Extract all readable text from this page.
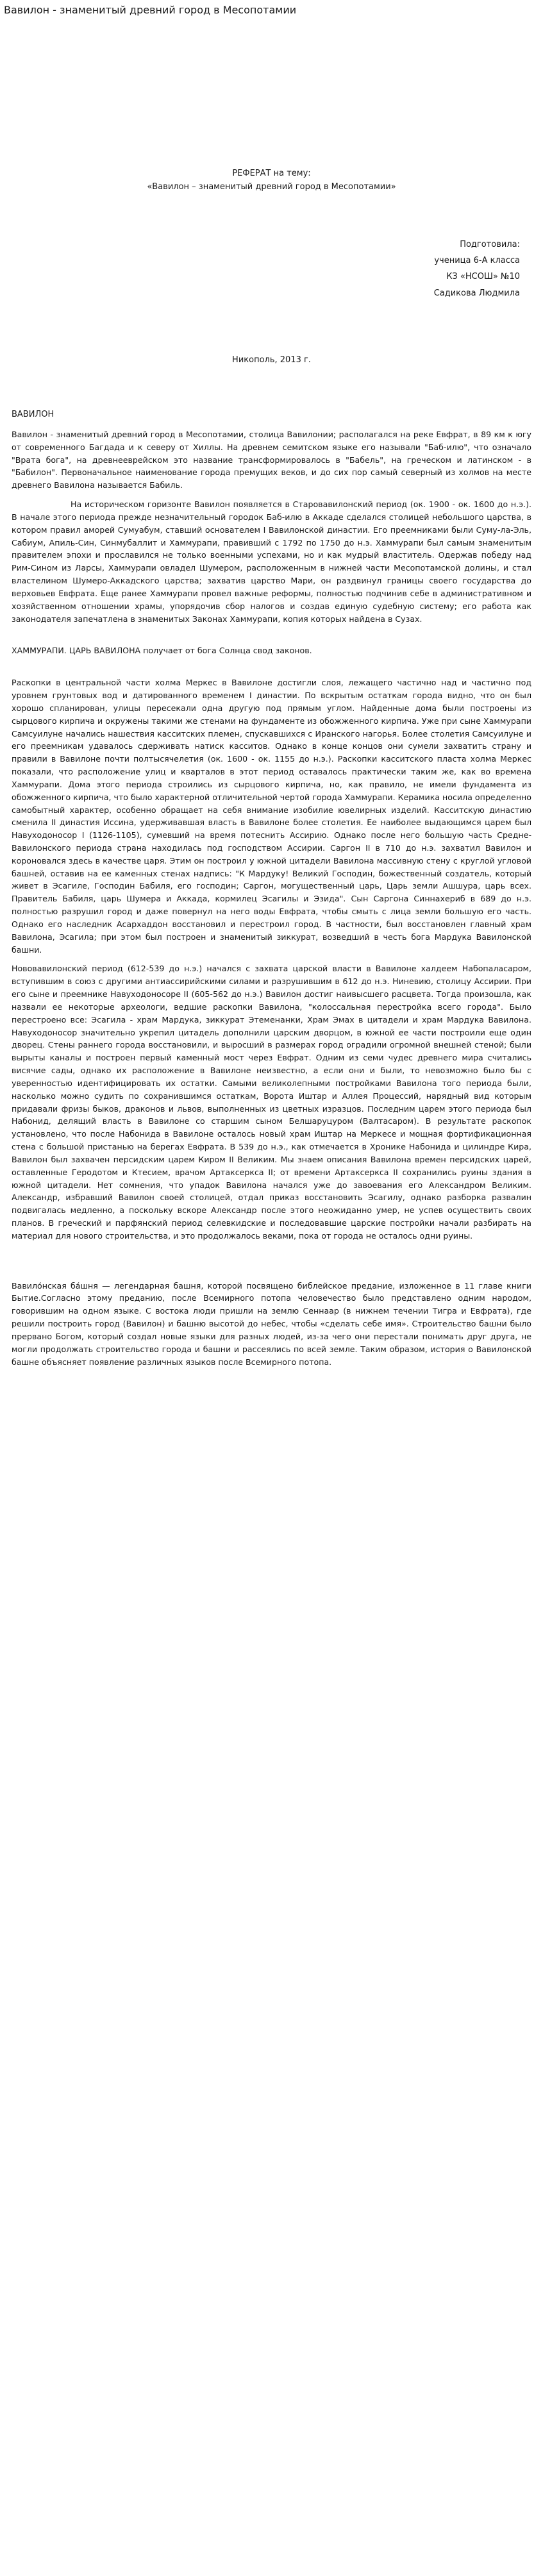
Вавилон - знаменитый древний город в Месопотамии

РЕФЕРАТ на тему:

«Вавилон – знаменитый древний город в Месопотамии»

Подготовила:
ученица 6-А класса
КЗ «НСОШ» №10
Садикова Людмила

Никополь, 2013 г.

ВАВИЛОН

Вавилон - знаменитый древний город в Месопотамии, столица Вавилонии; располагался на реке Евфрат, в 89 км к югу от современного Багдада и к северу от Хиллы. На древнем семитском языке его называли "Баб-илю", что означало "Врата бога", на древнееврейском это название трансформировалось в "Бабель", на греческом и латинском - в "Бабилон". Первоначальное наименование города премущих веков, и до сих пор самый северный из холмов на месте древнего Вавилона называется Бабиль.

На историческом горизонте Вавилон появляется в Старовавилонский период (ок. 1900 - ок. 1600 до н.э.). В начале этого периода прежде незначительный городок Баб-илю в Аккаде сделался столицей небольшого царства, в котором правил аморей Сумуабум, ставший основателем I Вавилонской династии. Его преемниками были Суму-ла-Эль, Сабиум, Апиль-Син, Синмубаллит и Хаммурапи, правивший с 1792 по 1750 до н.э. Хаммурапи был самым знаменитым правителем эпохи и прославился не только военными успехами, но и как мудрый властитель. Одержав победу над Рим-Сином из Ларсы, Хаммурапи овладел Шумером, расположенным в нижней части Месопотамской долины, и стал властелином Шумеро-Аккадского царства; захватив царство Мари, он раздвинул границы своего государства до верховьев Евфрата. Еще ранее Хаммурапи провел важные реформы, полностью подчинив себе в административном и хозяйственном отношении храмы, упорядочив сбор налогов и создав единую судебную систему; его работа как законодателя запечатлена в знаменитых Законах Хаммурапи, копия которых найдена в Сузах.

ХАММУРАПИ. ЦАРЬ ВАВИЛОНА получает от бога Солнца свод законов.

Раскопки в центральной части холма Меркес в Вавилоне достигли слоя, лежащего частично над и частично под уровнем грунтовых вод и датированного временем I династии. По вскрытым остаткам города видно, что он был хорошо спланирован, улицы пересекали одна другую под прямым углом. Найденные дома были построены из сырцового кирпича и окружены такими же стенами на фундаменте из обожженного кирпича. Уже при сыне Хаммурапи Самсуилуне начались нашествия касситских племен, спускавшихся с Иранского нагорья. Более столетия Самсуилуне и его преемникам удавалось сдерживать натиск касситов. Однако в конце концов они сумели захватить страну и правили в Вавилоне почти полтысячелетия (ок. 1600 - ок. 1155 до н.э.). Раскопки касситского пласта холма Меркес показали, что расположение улиц и кварталов в этот период оставалось практически таким же, как во времена Хаммурапи. Дома этого периода строились из сырцового кирпича, но, как правило, не имели фундамента из обожженного кирпича, что было характерной отличительной чертой города Хаммурапи. Керамика носила определенно самобытный характер, особенно обращает на себя внимание изобилие ювелирных изделий. Касситскую династию сменила II династия Иссина, удерживавшая власть в Вавилоне более столетия. Ее наиболее выдающимся царем был Навуходоносор I (1126-1105), сумевший на время потеснить Ассирию. Однако после него большую часть Средне-Вавилонского периода страна находилась под господством Ассирии. Саргон II в 710 до н.э. захватил Вавилон и короновался здесь в качестве царя. Этим он построил у южной цитадели Вавилона массивную стену с круглой угловой башней, оставив на ее каменных стенах надпись: "К Мардуку! Великий Господин, божественный создатель, который живет в Эсагиле, Господин Бабиля, его господин; Саргон, могущественный царь, Царь земли Ашшура, царь всех. Правитель Бабиля, царь Шумера и Аккада, кормилец Эсагилы и Эзида". Сын Саргона Синнахериб в 689 до н.э. полностью разрушил город и даже повернул на него воды Евфрата, чтобы смыть с лица земли большую его часть. Однако его наследник Асархаддон восстановил и перестроил город. В частности, был восстановлен главный храм Вавилона, Эсагила; при этом был построен и знаменитый зиккурат, возведший в честь бога Мардука Вавилонской башни.

Нововавилонский период (612-539 до н.э.) начался с захвата царской власти в Вавилоне халдеем Набопаласаром, вступившим в союз с другими антиассирийскими силами и разрушившим в 612 до н.э. Ниневию, столицу Ассирии. При его сыне и преемнике Навуходоносоре II (605-562 до н.э.) Вавилон достиг наивысшего расцвета. Тогда произошла, как назвали ее некоторые археологи, ведшие раскопки Вавилона, "колоссальная перестройка всего города". Было перестроено все: Эсагила - храм Мардука, зиккурат Этеменанки, Храм Эмах в цитадели и храм Мардука Вавилона. Навуходоносор значительно укрепил цитадель дополнили царским дворцом, в южной ее части построили еще один дворец. Стены раннего города восстановили, и выросший в размерах город оградили огромной внешней стеной; были вырыты каналы и построен первый каменный мост через Евфрат. Одним из семи чудес древнего мира считались висячие сады, однако их расположение в Вавилоне неизвестно, а если они и были, то невозможно было бы с уверенностью идентифицировать их остатки. Самыми великолепными постройками Вавилона того периода были, насколько можно судить по сохранившимся остаткам, Ворота Иштар и Аллея Процессий, нарядный вид которым придавали фризы быков, драконов и львов, выполненных из цветных изразцов. Последним царем этого периода был Набонид, делящий власть в Вавилоне со старшим сыном Белшаруцуром (Валтасаром). В результате раскопок установлено, что после Набонида в Вавилоне осталось новый храм Иштар на Меркесе и мощная фортификационная стена с большой пристанью на берегах Евфрата. В 539 до н.э., как отмечается в Хронике Набонида и цилиндре Кира, Вавилон был захвачен персидским царем Киром II Великим. Мы знаем описания Вавилона времен персидских царей, оставленные Геродотом и Ктесием, врачом Артаксеркса II; от времени Артаксеркса II сохранились руины здания в южной цитадели. Нет сомнения, что упадок Вавилона начался уже до завоевания его Александром Великим. Александр, избравший Вавилон своей столицей, отдал приказ восстановить Эсагилу, однако разборка развалин подвигалась медленно, а поскольку вскоре Александр после этого неожиданно умер, не успев осуществить своих планов. В греческий и парфянский период селевкидские и последовавшие царские постройки начали разбирать на материал для нового строительства, и это продолжалось веками, пока от города не осталось одни руины.

Вавило́нская ба́шня — легендарная башня, которой посвящено библейское предание, изложенное в 11 главе книги Бытие.Согласно этому преданию, после Всемирного потопа человечество было представлено одним народом, говорившим на одном языке. С востока люди пришли на землю Сеннаар (в нижнем течении Тигра и Евфрата), где решили построить город (Вавилон) и башню высотой до небес, чтобы «сделать себе имя». Строительство башни было прервано Богом, который создал новые языки для разных людей, из-за чего они перестали понимать друг друга, не могли продолжать строительство города и башни и рассеялись по всей земле. Таким образом, история о Вавилонской башне объясняет появление различных языков после Всемирного потопа.
